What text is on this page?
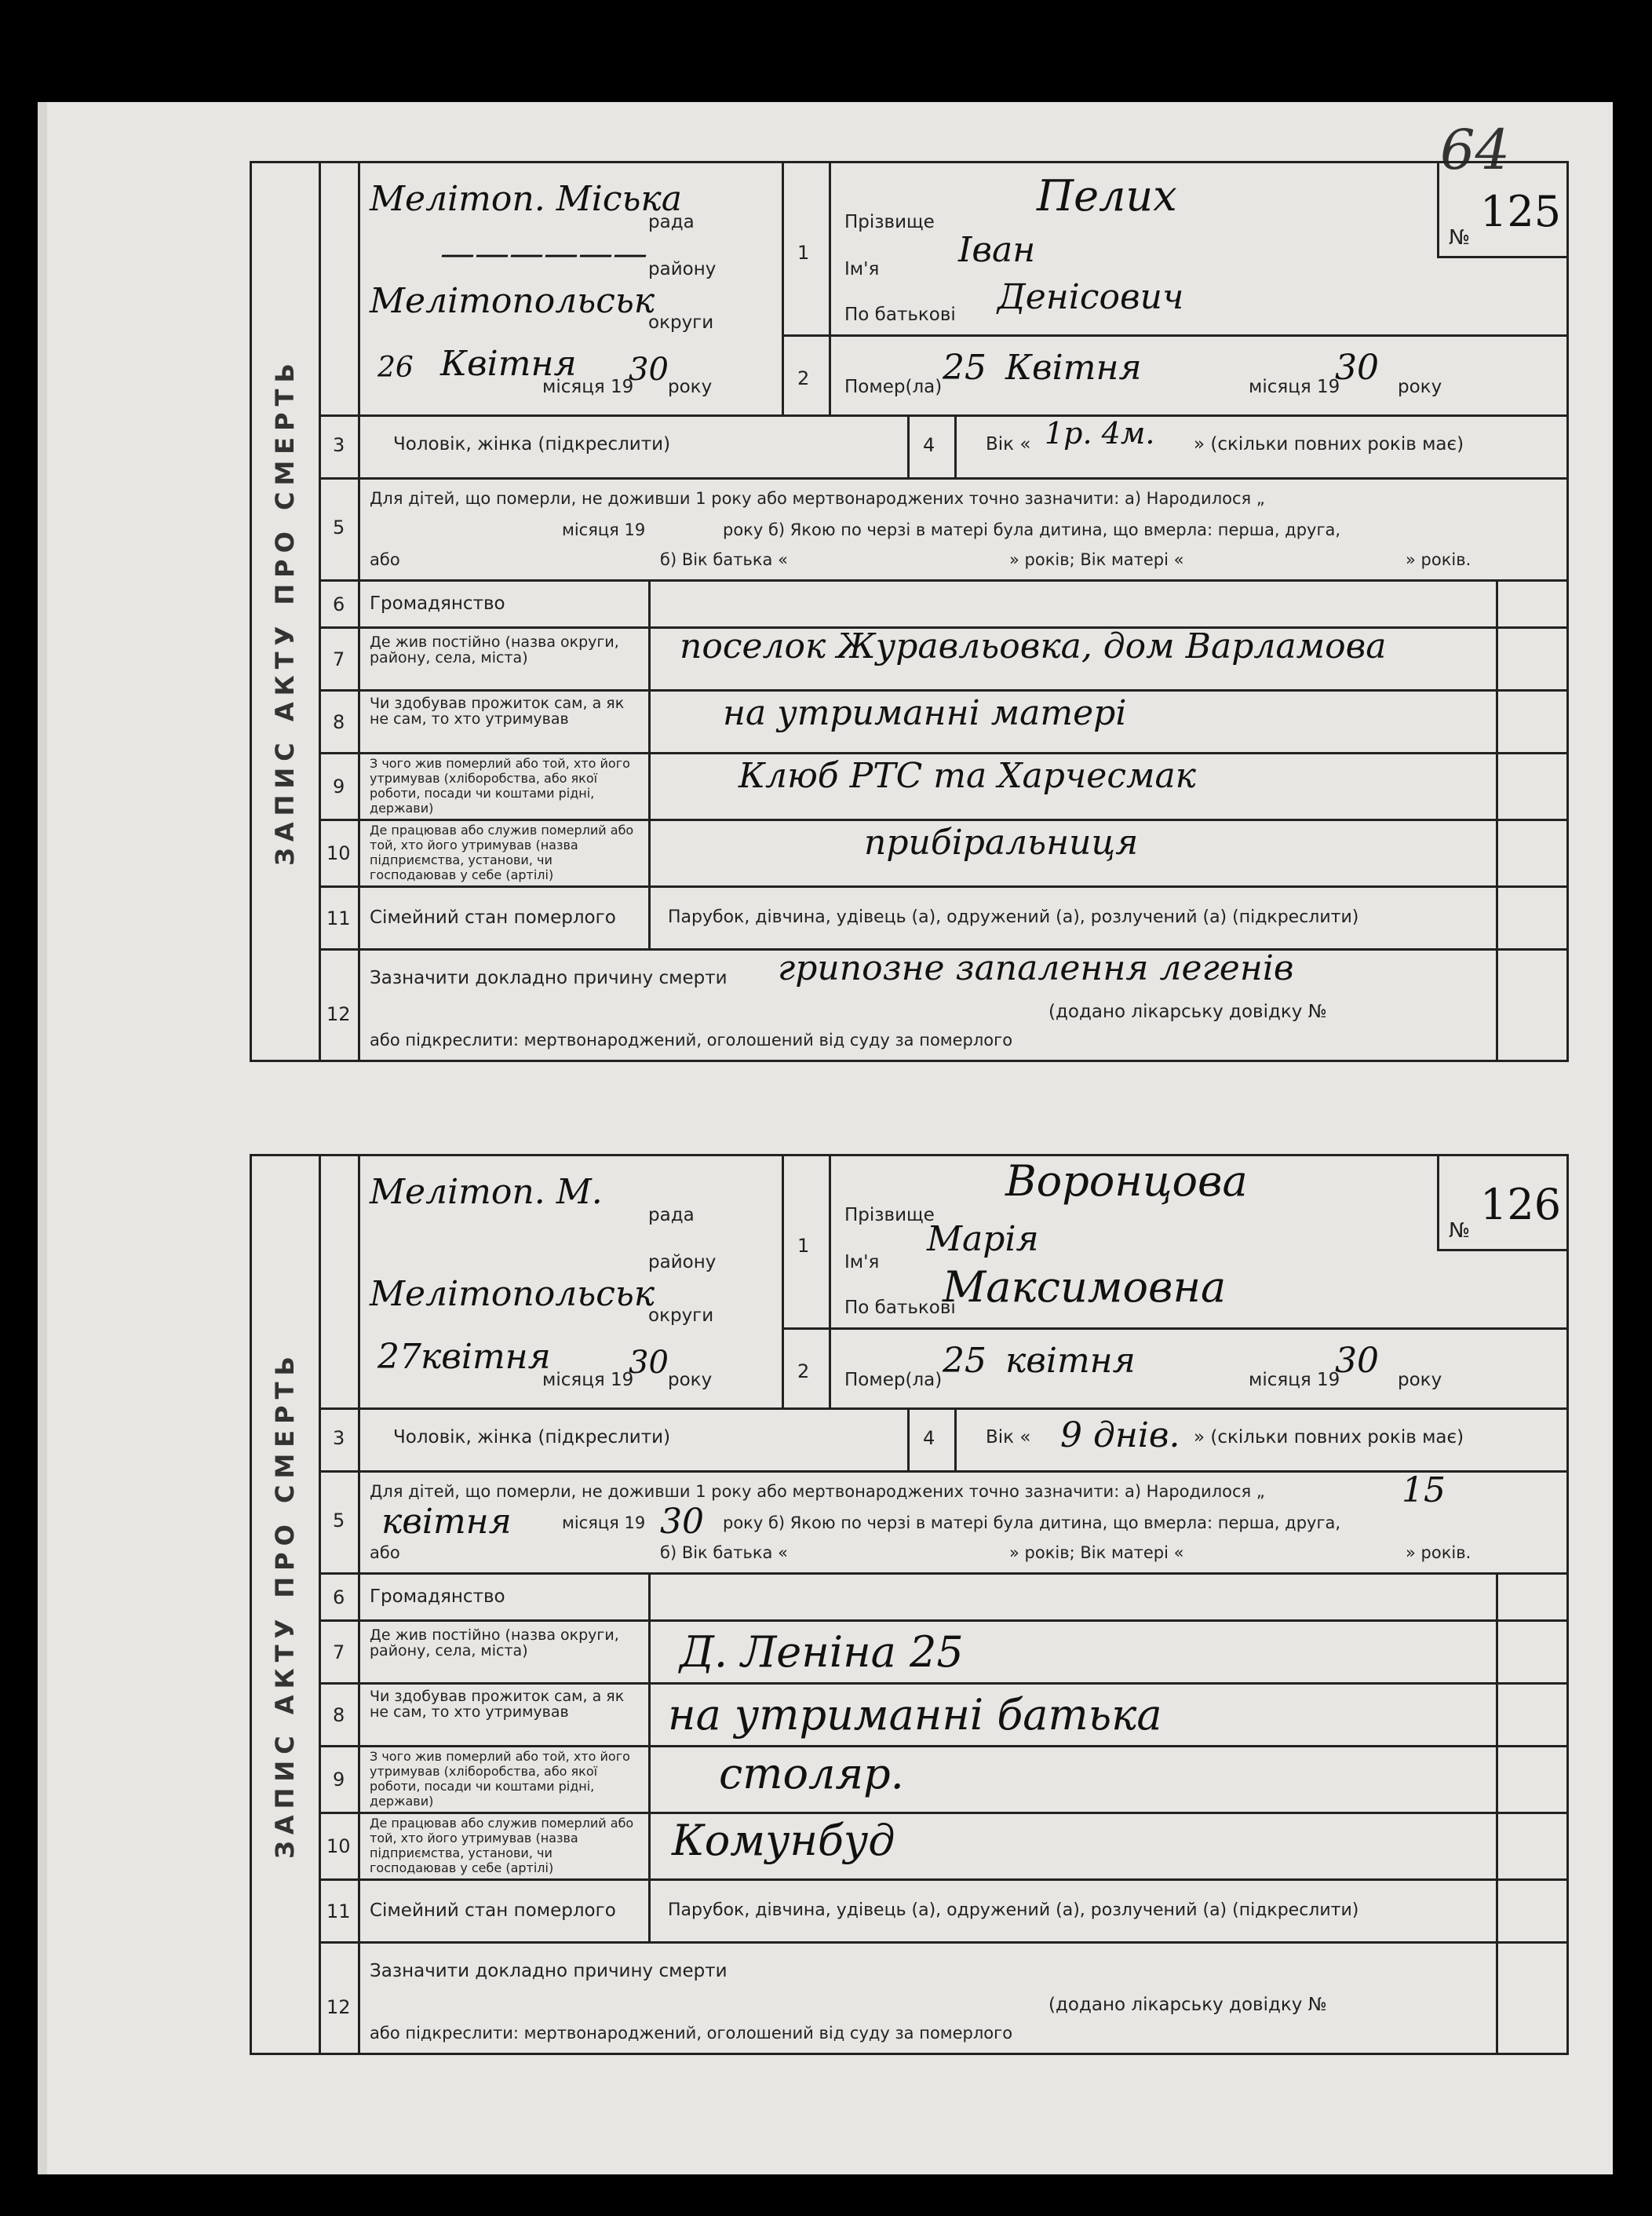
64
ЗАПИС АКТУ ПРО СМЕРТЬ
Мелітоп. Міська
рада
—————— району
Мелітопольськ
округи
26 Квітня
місяця 19
30 року
1
Прізвище
Пелих
Ім'я Іван
По батькові Денісович
№
125
2 Помер(ла) 25 Квітня	місяця 19
30 року
3	Чоловік, жінка (підкреслити)	4	Вік « 1р. 4м. » (скільки повних років має)
5
Для дітей, що померли, не доживши 1 року або мертвонароджених точно зазначити: а) Народилося „
місяця 19	року б) Якою по черзі в матері була дитина, що вмерла: перша, друга,
або	б) Вік батька «	» років; Вік матері «	» років.
6 Громадянство
7
Де жив постійно (назва округи, району, села, міста)	поселок Журавльовка, дом Варламова
8
Чи здобував прожиток сам, а як не сам, то хто утримував	на утриманні матері
9
З чого жив померлий або той, хто його утримував (хліборобства, або якої роботи, посади чи коштами рідні, держави)
Клюб РТС та Харчесмак
10
Де працював або служив померлий або той, хто його утримував (назва підприємства, установи, чи господаював у себе (артілі)
прибіральниця
11 Сімейний стан померлого	Парубок, дівчина, удівець (а), одружений (а), розлучений (а) (підкреслити)
12
Зазначити докладно причину смерти грипозне запалення легенів
(додано лікарську довідку №
або підкреслити: мертвонароджений, оголошений від суду за померлого
ЗАПИС АКТУ ПРО СМЕРТЬ
Мелітоп. М.
рада
району
Мелітопольськ
округи
27 квітня
місяця 19
30 року
1
Прізвище
Воронцова
Ім'я
Марія
По батькові
Максимовна
№
126
2 Помер(ла) 25 квітня	місяця 19
30 року
3	Чоловік, жінка (підкреслити)	4	Вік « 9 днів. » (скільки повних років має)
5
Для дітей, що померли, не доживши 1 року або мертвонароджених точно зазначити: а) Народилося „	15
квітня	місяця 19 30 року б) Якою по черзі в матері була дитина, що вмерла: перша, друга,
або	б) Вік батька «	» років; Вік матері «	» років.
6 Громадянство
7
Де жив постійно (назва округи, району, села, міста)	Д. Леніна 25
8
Чи здобував прожиток сам, а як не сам, то хто утримував	на утриманні батька
9
З чого жив померлий або той, хто його утримував (хліборобства, або якої роботи, посади чи коштами рідні, держави)
столяр.
10
Де працював або служив померлий або той, хто його утримував (назва підприємства, установи, чи господаював у себе (артілі)
Комунбуд
11 Сімейний стан померлого	Парубок, дівчина, удівець (а), одружений (а), розлучений (а) (підкреслити)
12
Зазначити докладно причину смерти
(додано лікарську довідку №
або підкреслити: мертвонароджений, оголошений від суду за померлого
